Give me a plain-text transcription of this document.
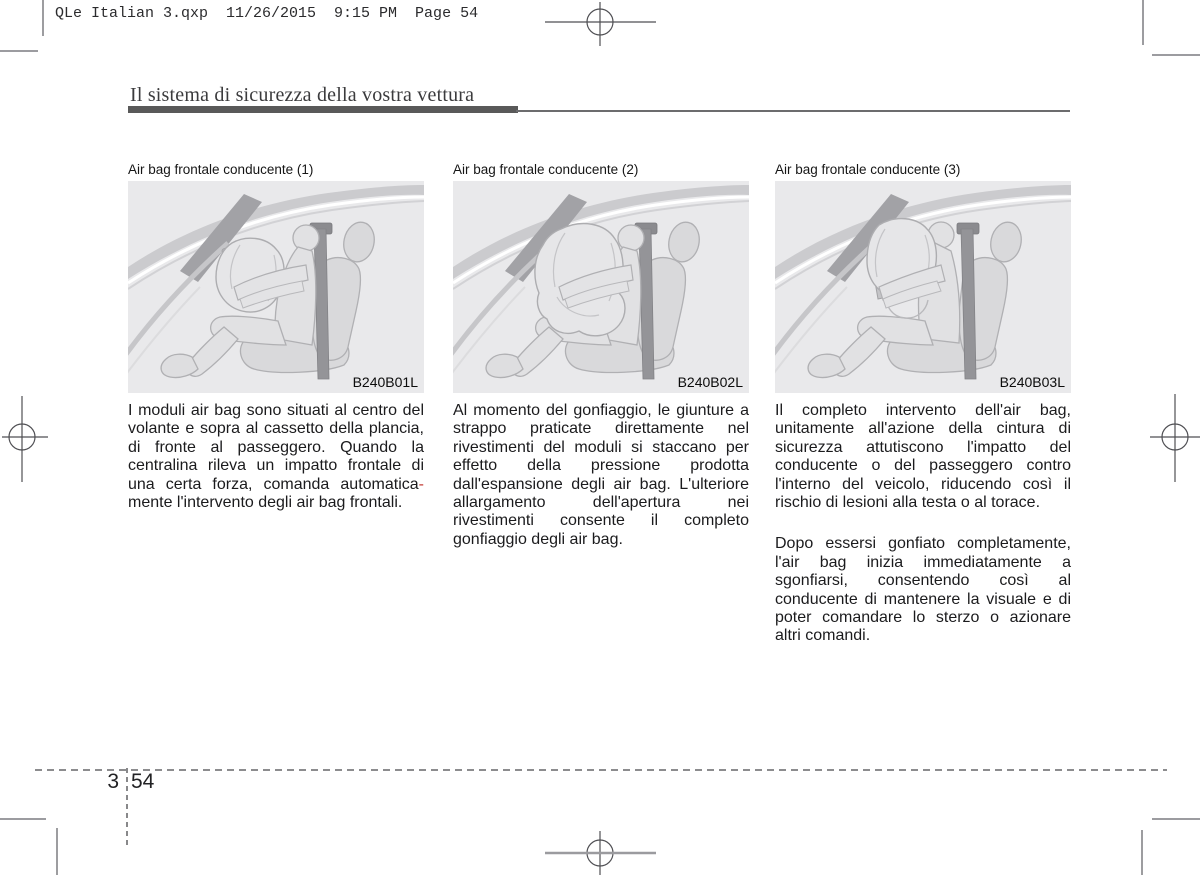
QLe Italian 3.qxp  11/26/2015  9:15 PM  Page 54
Il sistema di sicurezza della vostra vettura
Air bag frontale conducente (1)
B240B01L
I moduli air bag sono situati al centro del
volante e sopra al cassetto della plancia,
di fronte al passeggero. Quando la
centralina rileva un impatto frontale di
una certa forza, comanda automatica-
mente l'intervento degli air bag frontali.
Air bag frontale conducente (2)
B240B02L
Al momento del gonfiaggio, le giunture a
strappo praticate direttamente nel
rivestimenti del moduli si staccano per
effetto della pressione prodotta
dall'espansione degli air bag. L'ulteriore
allargamento dell'apertura nei
rivestimenti consente il completo
gonfiaggio degli air bag.
Air bag frontale conducente (3)
B240B03L
Il completo intervento dell'air bag,
unitamente all'azione della cintura di
sicurezza attutiscono l'impatto del
conducente o del passeggero contro
l'interno del veicolo, riducendo così il
rischio di lesioni alla testa o al torace.
Dopo essersi gonfiato completamente,
l'air bag inizia immediatamente a
sgonfiarsi, consentendo così al
conducente di mantenere la visuale e di
poter comandare lo sterzo o azionare
altri comandi.
3 54
